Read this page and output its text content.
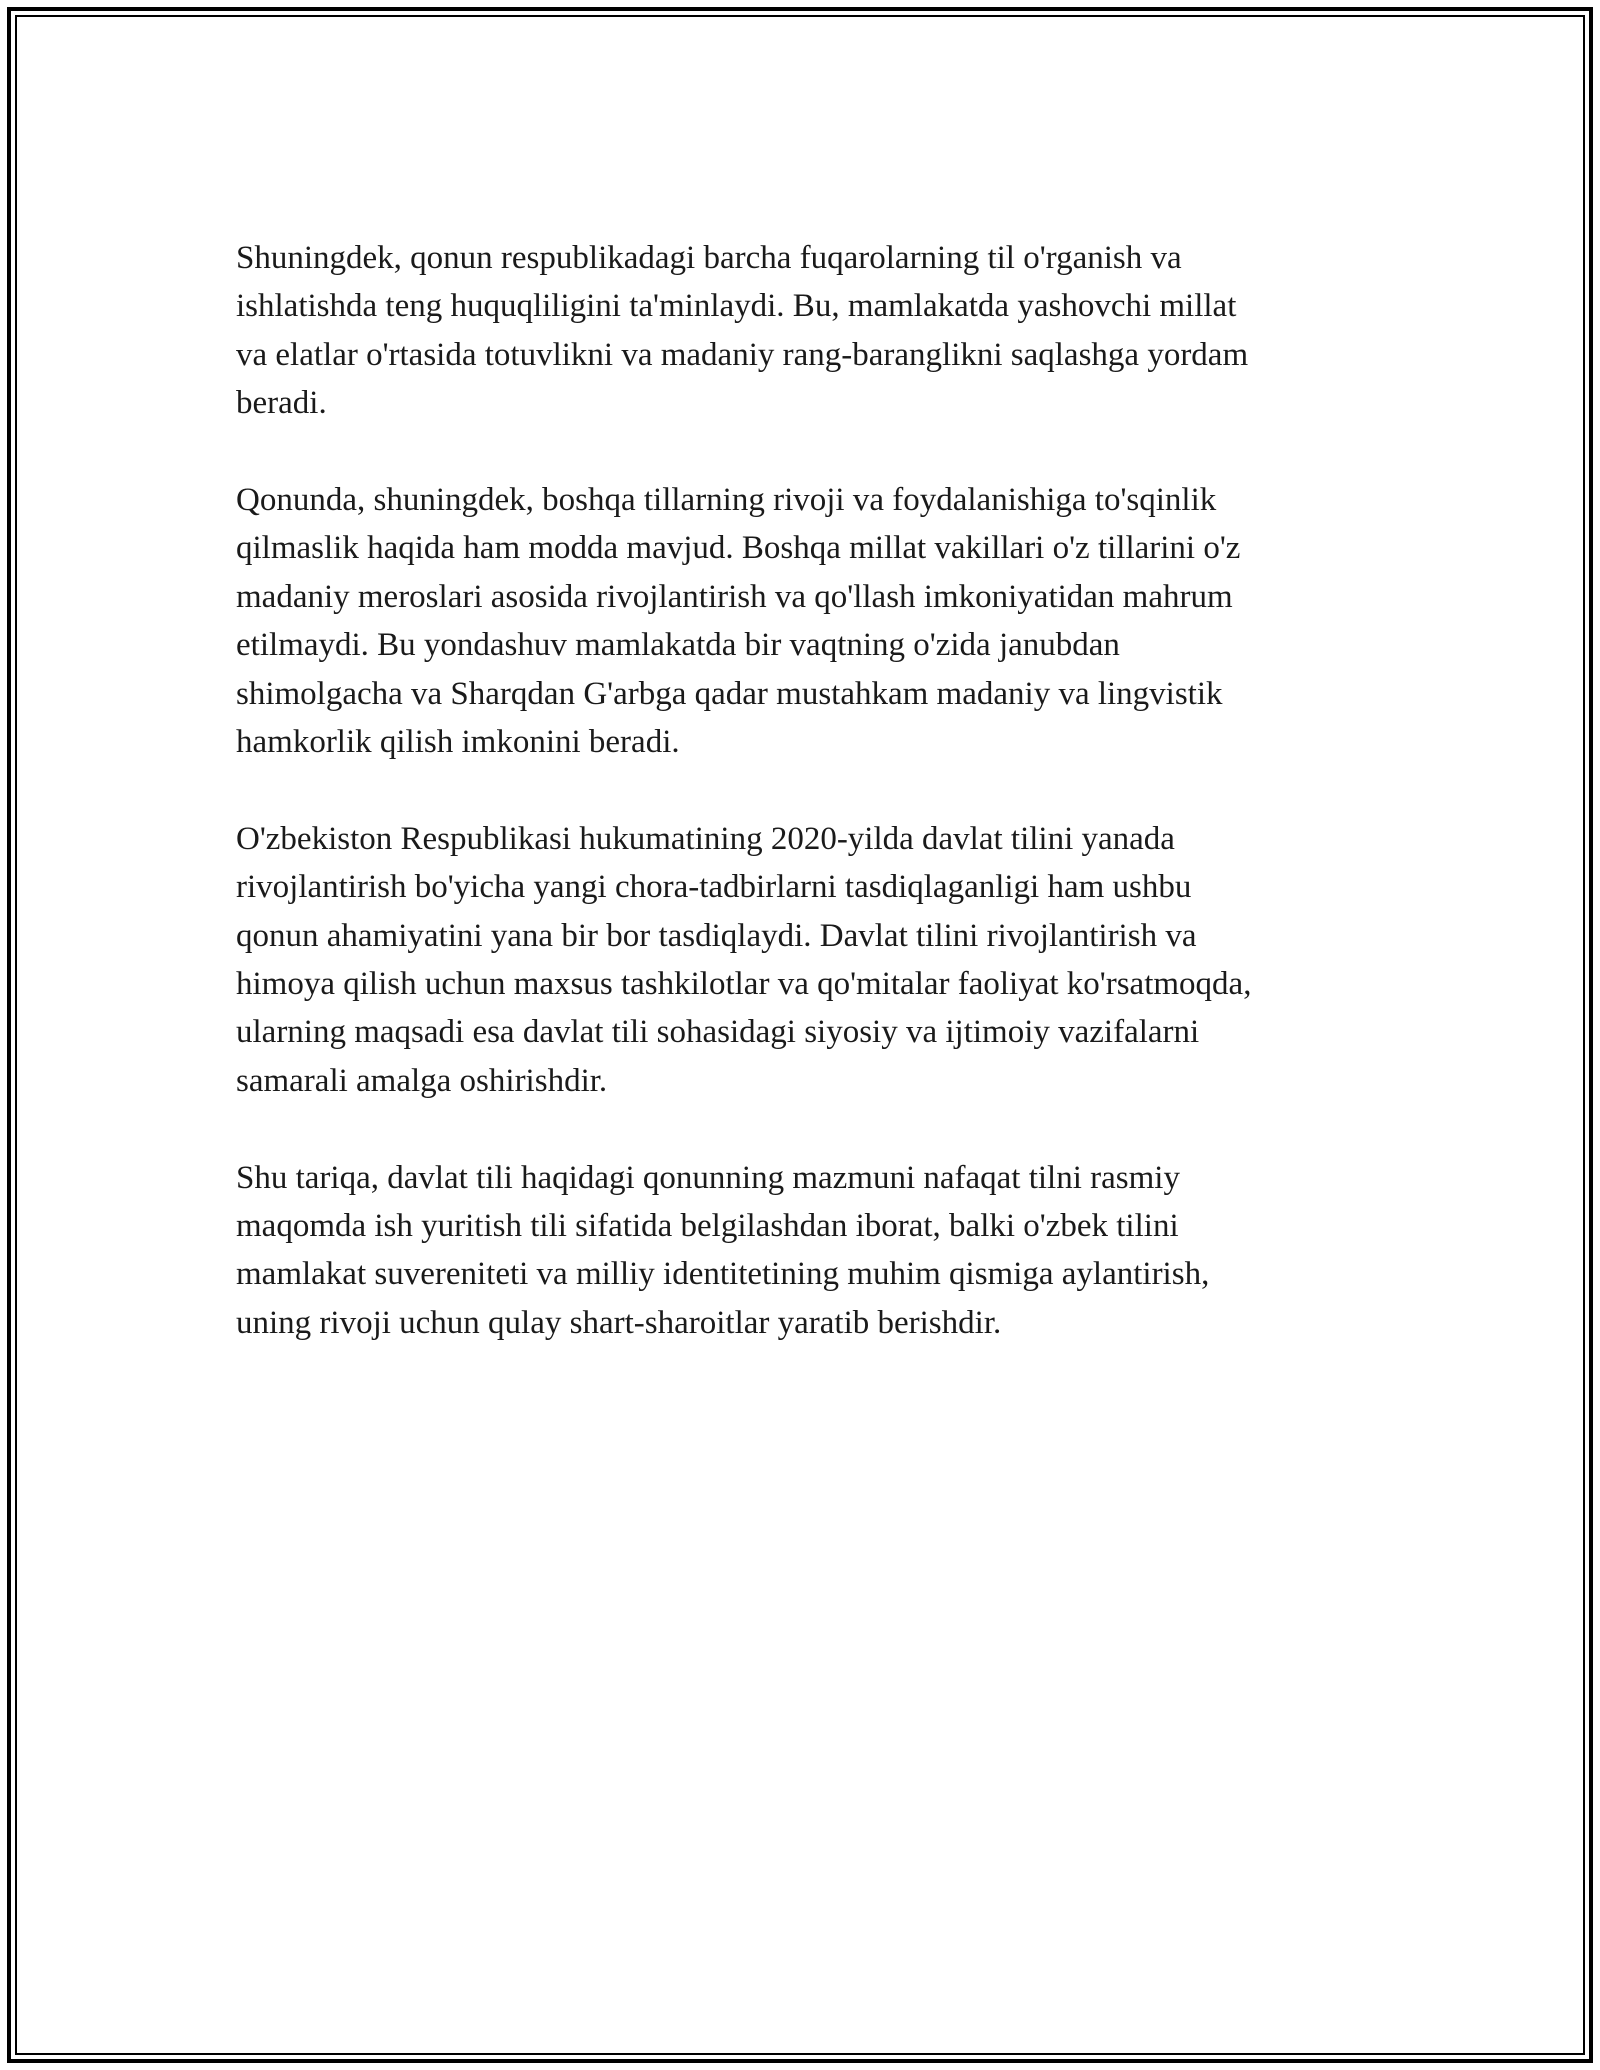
Shuningdek, qonun respublikadagi barcha fuqarolarning til o'rganish va
ishlatishda teng huquqliligini ta'minlaydi. Bu, mamlakatda yashovchi millat
va elatlar o'rtasida totuvlikni va madaniy rang-baranglikni saqlashga yordam
beradi.

Qonunda, shuningdek, boshqa tillarning rivoji va foydalanishiga to'sqinlik
qilmaslik haqida ham modda mavjud. Boshqa millat vakillari o'z tillarini o'z
madaniy meroslari asosida rivojlantirish va qo'llash imkoniyatidan mahrum
etilmaydi. Bu yondashuv mamlakatda bir vaqtning o'zida janubdan
shimolgacha va Sharqdan G'arbga qadar mustahkam madaniy va lingvistik
hamkorlik qilish imkonini beradi.

O'zbekiston Respublikasi hukumatining 2020-yilda davlat tilini yanada
rivojlantirish bo'yicha yangi chora-tadbirlarni tasdiqlaganligi ham ushbu
qonun ahamiyatini yana bir bor tasdiqlaydi. Davlat tilini rivojlantirish va
himoya qilish uchun maxsus tashkilotlar va qo'mitalar faoliyat ko'rsatmoqda,
ularning maqsadi esa davlat tili sohasidagi siyosiy va ijtimoiy vazifalarni
samarali amalga oshirishdir.

Shu tariqa, davlat tili haqidagi qonunning mazmuni nafaqat tilni rasmiy
maqomda ish yuritish tili sifatida belgilashdan iborat, balki o'zbek tilini
mamlakat suvereniteti va milliy identitetining muhim qismiga aylantirish,
uning rivoji uchun qulay shart-sharoitlar yaratib berishdir.
